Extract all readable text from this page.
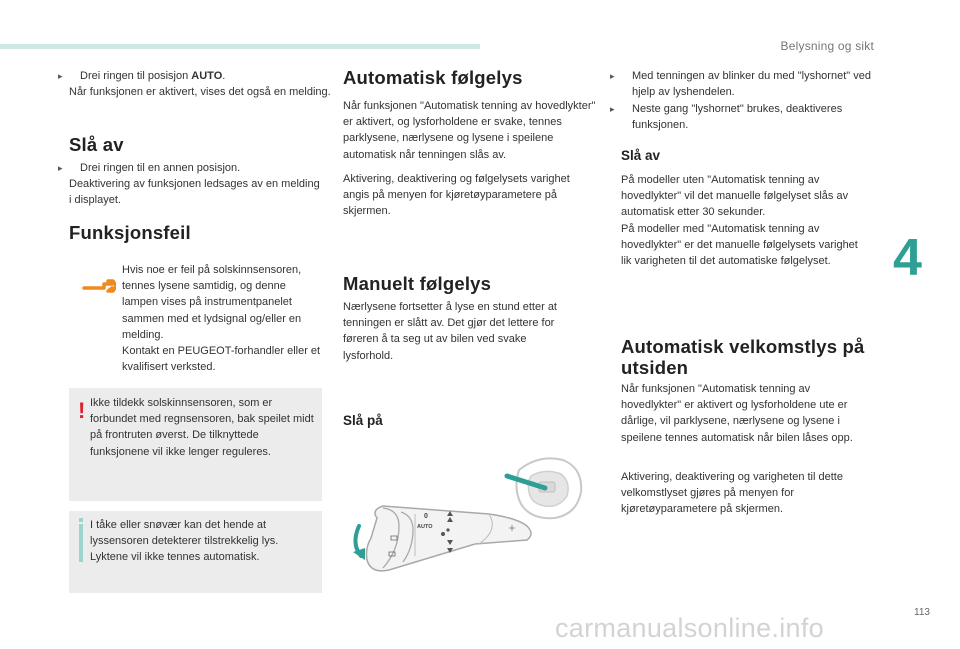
Belysning og sikt
4
113

▸ Drei ringen til posisjon AUTO.
Når funksjonen er aktivert, vises det også en melding.

Slå av

▸ Drei ringen til en annen posisjon.
Deaktivering av funksjonen ledsages av en melding i displayet.

Funksjonsfeil

Hvis noe er feil på solskinnsensoren, tennes lysene samtidig, og denne lampen vises på instrumentpanelet sammen med et lydsignal og/eller en melding.
Kontakt en PEUGEOT-forhandler eller et kvalifisert verksted.

! Ikke tildekk solskinnsensoren, som er forbundet med regnsensoren, bak speilet midt på frontruten øverst. De tilknyttede funksjonene vil ikke lenger reguleres.

I tåke eller snøvær kan det hende at lyssensoren detekterer tilstrekkelig lys. Lyktene vil ikke tennes automatisk.

Automatisk følgelys

Når funksjonen "Automatisk tenning av hovedlykter" er aktivert, og lysforholdene er svake, tennes parklysene, nærlysene og lysene i speilene automatisk når tenningen slås av.

Aktivering, deaktivering og følgelysets varighet angis på menyen for kjøretøyparametere på skjermen.

Manuelt følgelys

Nærlysene fortsetter å lyse en stund etter at tenningen er slått av. Det gjør det lettere for føreren å ta seg ut av bilen ved svake lysforhold.

Slå på
0
AUTO

▸ Med tenningen av blinker du med "lyshornet" ved hjelp av lyshendelen.

▸ Neste gang "lyshornet" brukes, deaktiveres funksjonen.

Slå av

På modeller uten "Automatisk tenning av hovedlykter" vil det manuelle følgelyset slås av automatisk etter 30 sekunder.
På modeller med "Automatisk tenning av hovedlykter" er det manuelle følgelysets varighet lik varigheten til det automatiske følgelyset.

Automatisk velkomstlys på utsiden

Når funksjonen "Automatisk tenning av hovedlykter" er aktivert og lysforholdene ute er dårlige, vil parklysene, nærlysene og lysene i speilene tennes automatisk når bilen låses opp.

Aktivering, deaktivering og varigheten til dette velkomstlyset gjøres på menyen for kjøretøyparametere på skjermen.

carmanualsonline.info
